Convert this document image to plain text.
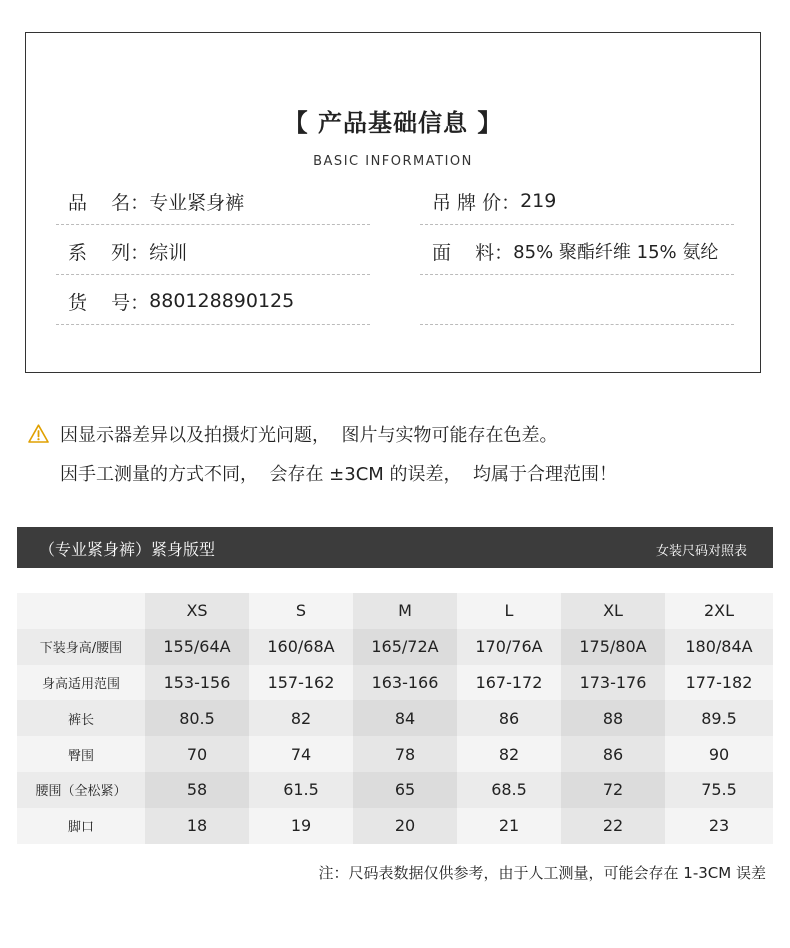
【 产品基础信息 】
BASIC INFORMATION
品    名： 专业紧身裤
系    列： 综训
货    号： 880128890125
吊 牌 价： 219
面    料： 85% 聚酯纤维 15% 氨纶
因显示器差异以及拍摄灯光问题，  图片与实物可能存在色差。
因手工测量的方式不同，  会存在 ±3CM 的误差，  均属于合理范围！
（专业紧身裤）紧身版型	女装尺码对照表
	XS	S	M	L	XL	2XL
下装身高/腰围	155/64A	160/68A	165/72A	170/76A	175/80A	180/84A
身高适用范围	153-156	157-162	163-166	167-172	173-176	177-182
裤长	80.5	82	84	86	88	89.5
臀围	70	74	78	82	86	90
腰围（全松紧）	58	61.5	65	68.5	72	75.5
脚口	18	19	20	21	22	23
注：尺码表数据仅供参考，由于人工测量，可能会存在 1-3CM 误差
